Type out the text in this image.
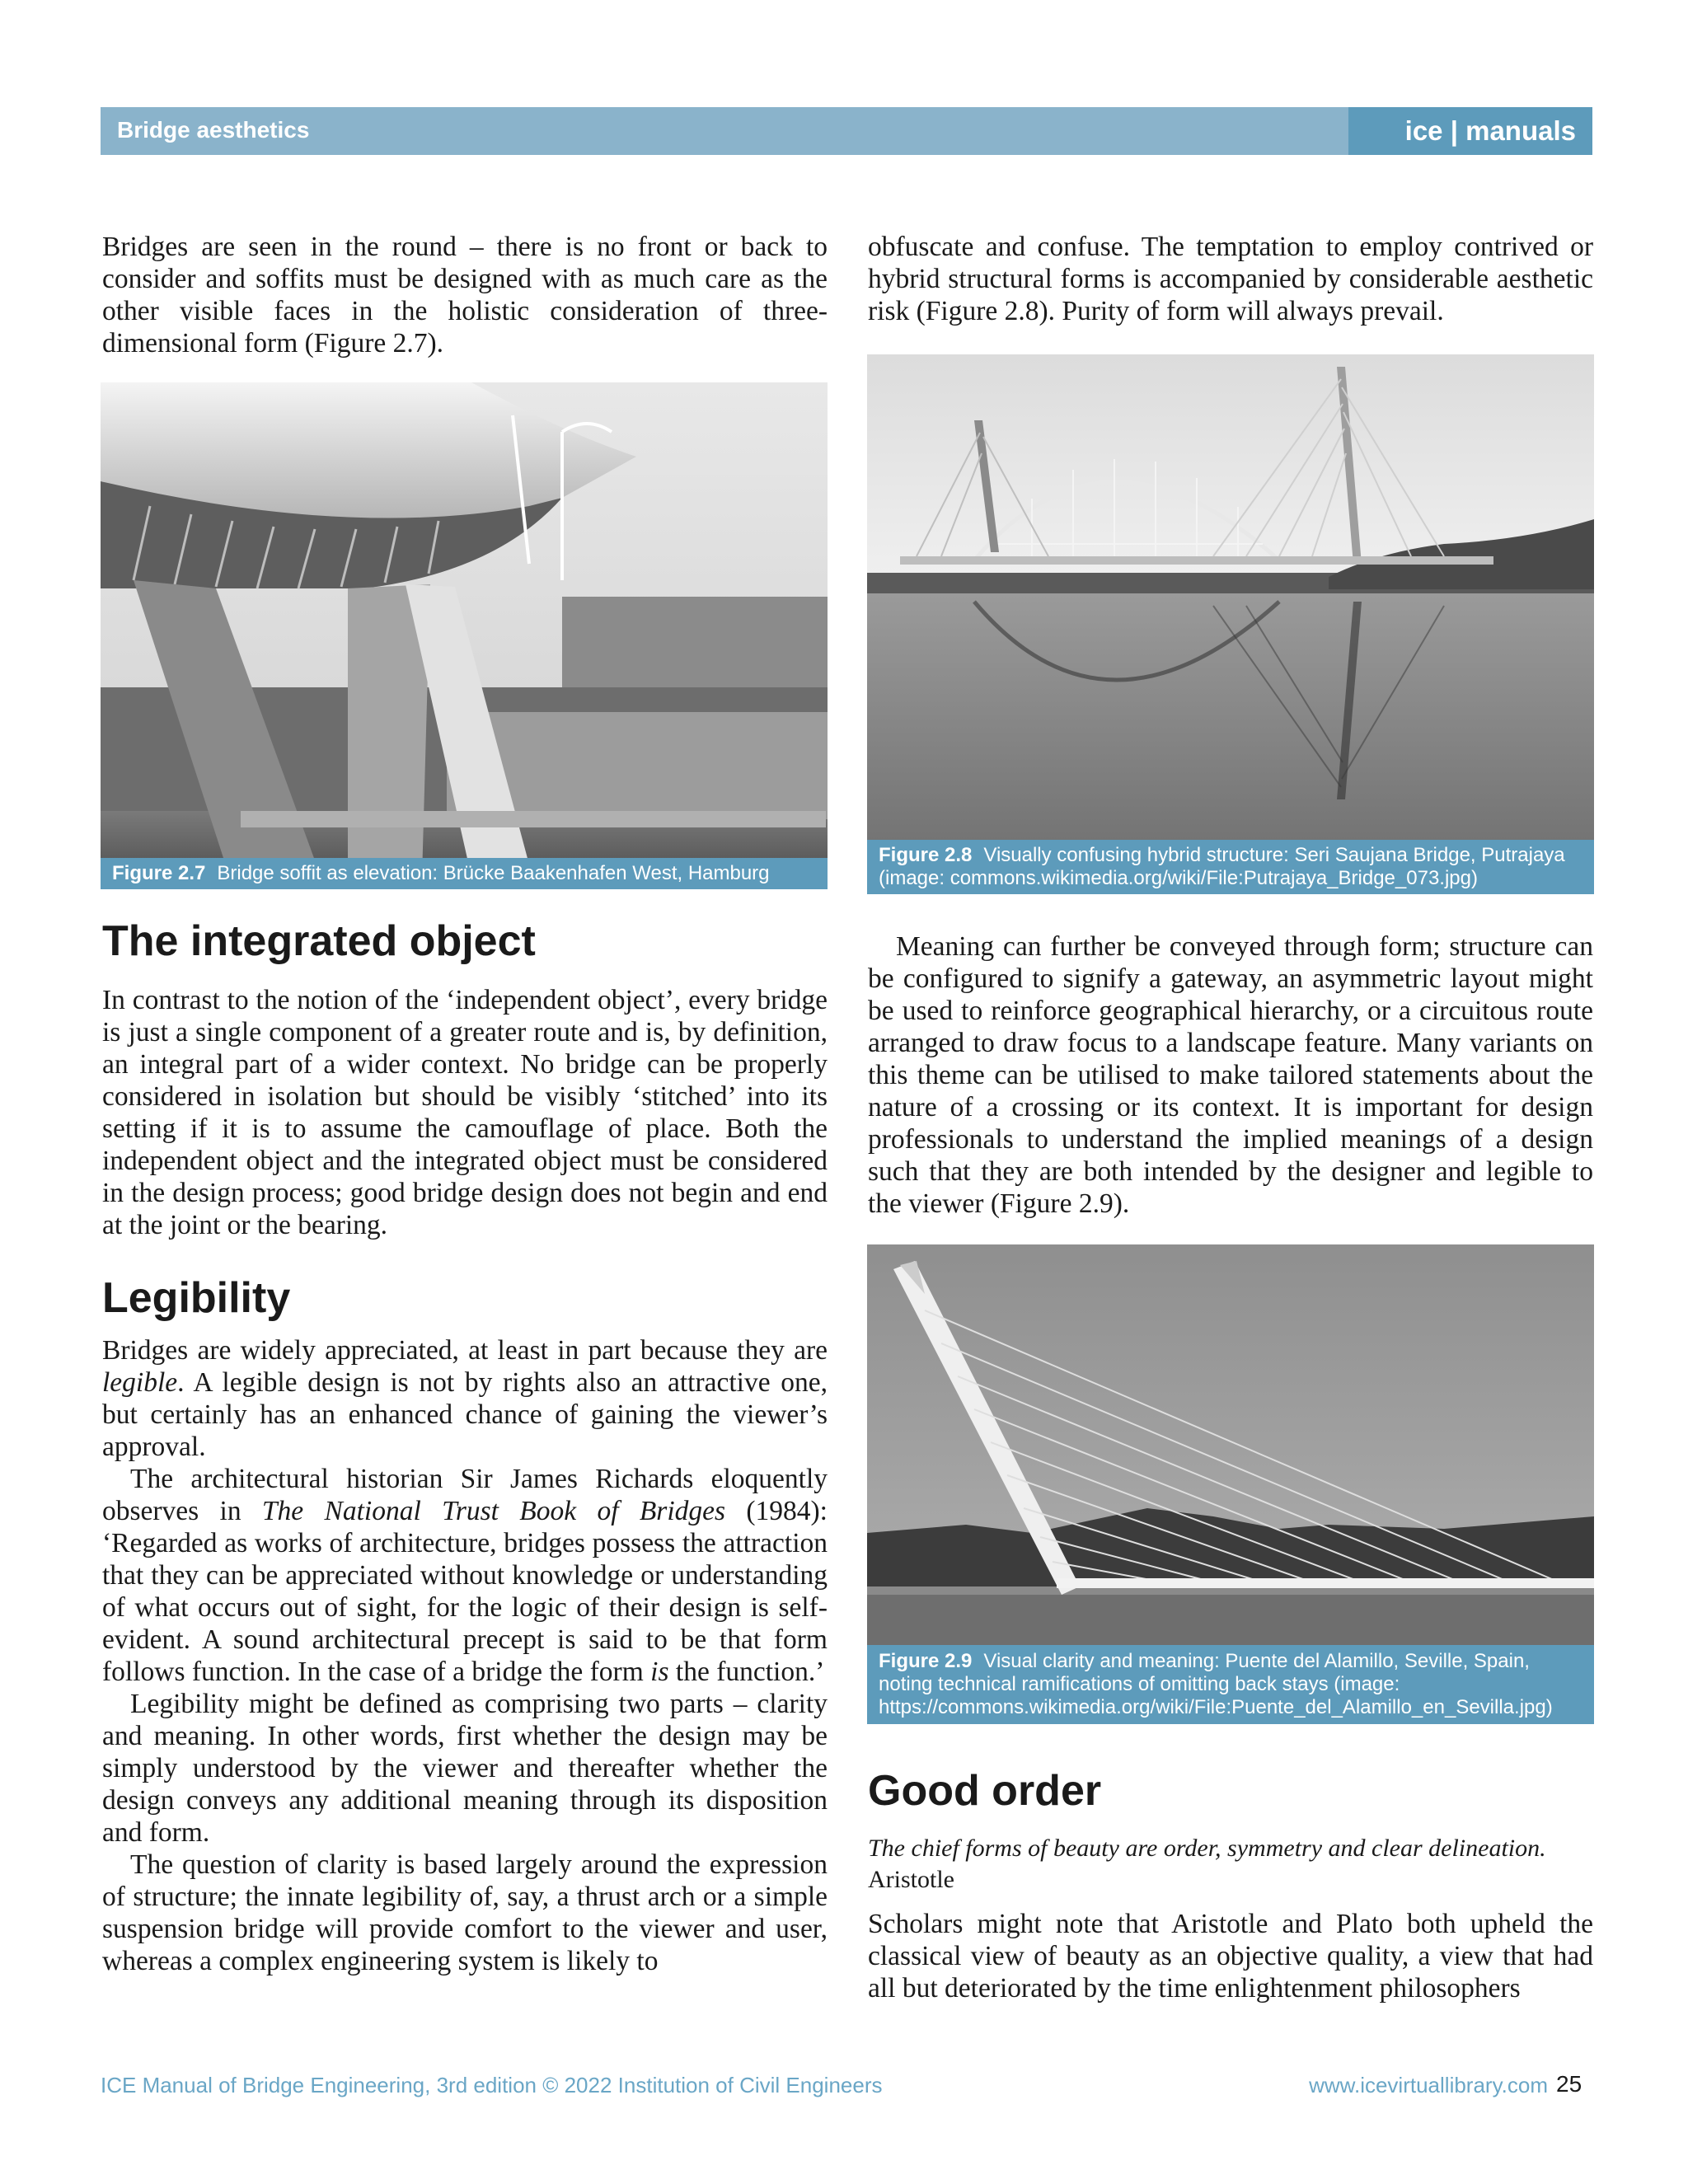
Bridge aesthetics	ice | manuals

Bridges are seen in the round – there is no front or back to consider and soffits must be designed with as much care as the other visible faces in the holistic consideration of three-dimensional form (Figure 2.7).

Figure 2.7 Bridge soffit as elevation: Brücke Baakenhafen West, Hamburg
The integrated object

In contrast to the notion of the ‘independent object’, every bridge is just a single component of a greater route and is, by definition, an integral part of a wider context. No bridge can be properly considered in isolation but should be visibly ‘stitched’ into its setting if it is to assume the camouflage of place. Both the independent object and the integrated object must be considered in the design process; good bridge design does not begin and end at the joint or the bearing.

Legibility

Bridges are widely appreciated, at least in part because they are legible. A legible design is not by rights also an attractive one, but certainly has an enhanced chance of gaining the viewer’s approval.

The architectural historian Sir James Richards eloquently observes in The National Trust Book of Bridges (1984): ‘Regarded as works of architecture, bridges possess the attraction that they can be appreciated without knowledge or understanding of what occurs out of sight, for the logic of their design is self-evident. A sound architectural precept is said to be that form follows function. In the case of a bridge the form is the function.’

Legibility might be defined as comprising two parts – clarity and meaning. In other words, first whether the design may be simply understood by the viewer and thereafter whether the design conveys any additional meaning through its disposition and form.

The question of clarity is based largely around the expression of structure; the innate legibility of, say, a thrust arch or a simple suspension bridge will provide comfort to the viewer and user, whereas a complex engineering system is likely to

obfuscate and confuse. The temptation to employ contrived or hybrid structural forms is accompanied by considerable aesthetic risk (Figure 2.8). Purity of form will always prevail.

Figure 2.8 Visually confusing hybrid structure: Seri Saujana Bridge, Putrajaya (image: commons.wikimedia.org/wiki/File:Putrajaya_Bridge_073.jpg)

Meaning can further be conveyed through form; structure can be configured to signify a gateway, an asymmetric layout might be used to reinforce geographical hierarchy, or a circuitous route arranged to draw focus to a landscape feature. Many variants on this theme can be utilised to make tailored statements about the nature of a crossing or its context. It is important for design professionals to understand the implied meanings of a design such that they are both intended by the designer and legible to the viewer (Figure 2.9).

Figure 2.9 Visual clarity and meaning: Puente del Alamillo, Seville, Spain, noting technical ramifications of omitting back stays (image: https://commons.wikimedia.org/wiki/File:Puente_del_Alamillo_en_Sevilla.jpg)
Good order

The chief forms of beauty are order, symmetry and clear delineation.

Aristotle

Scholars might note that Aristotle and Plato both upheld the classical view of beauty as an objective quality, a view that had all but deteriorated by the time enlightenment philosophers

ICE Manual of Bridge Engineering, 3rd edition © 2022 Institution of Civil Engineers	www.icevirtuallibrary.com 25
